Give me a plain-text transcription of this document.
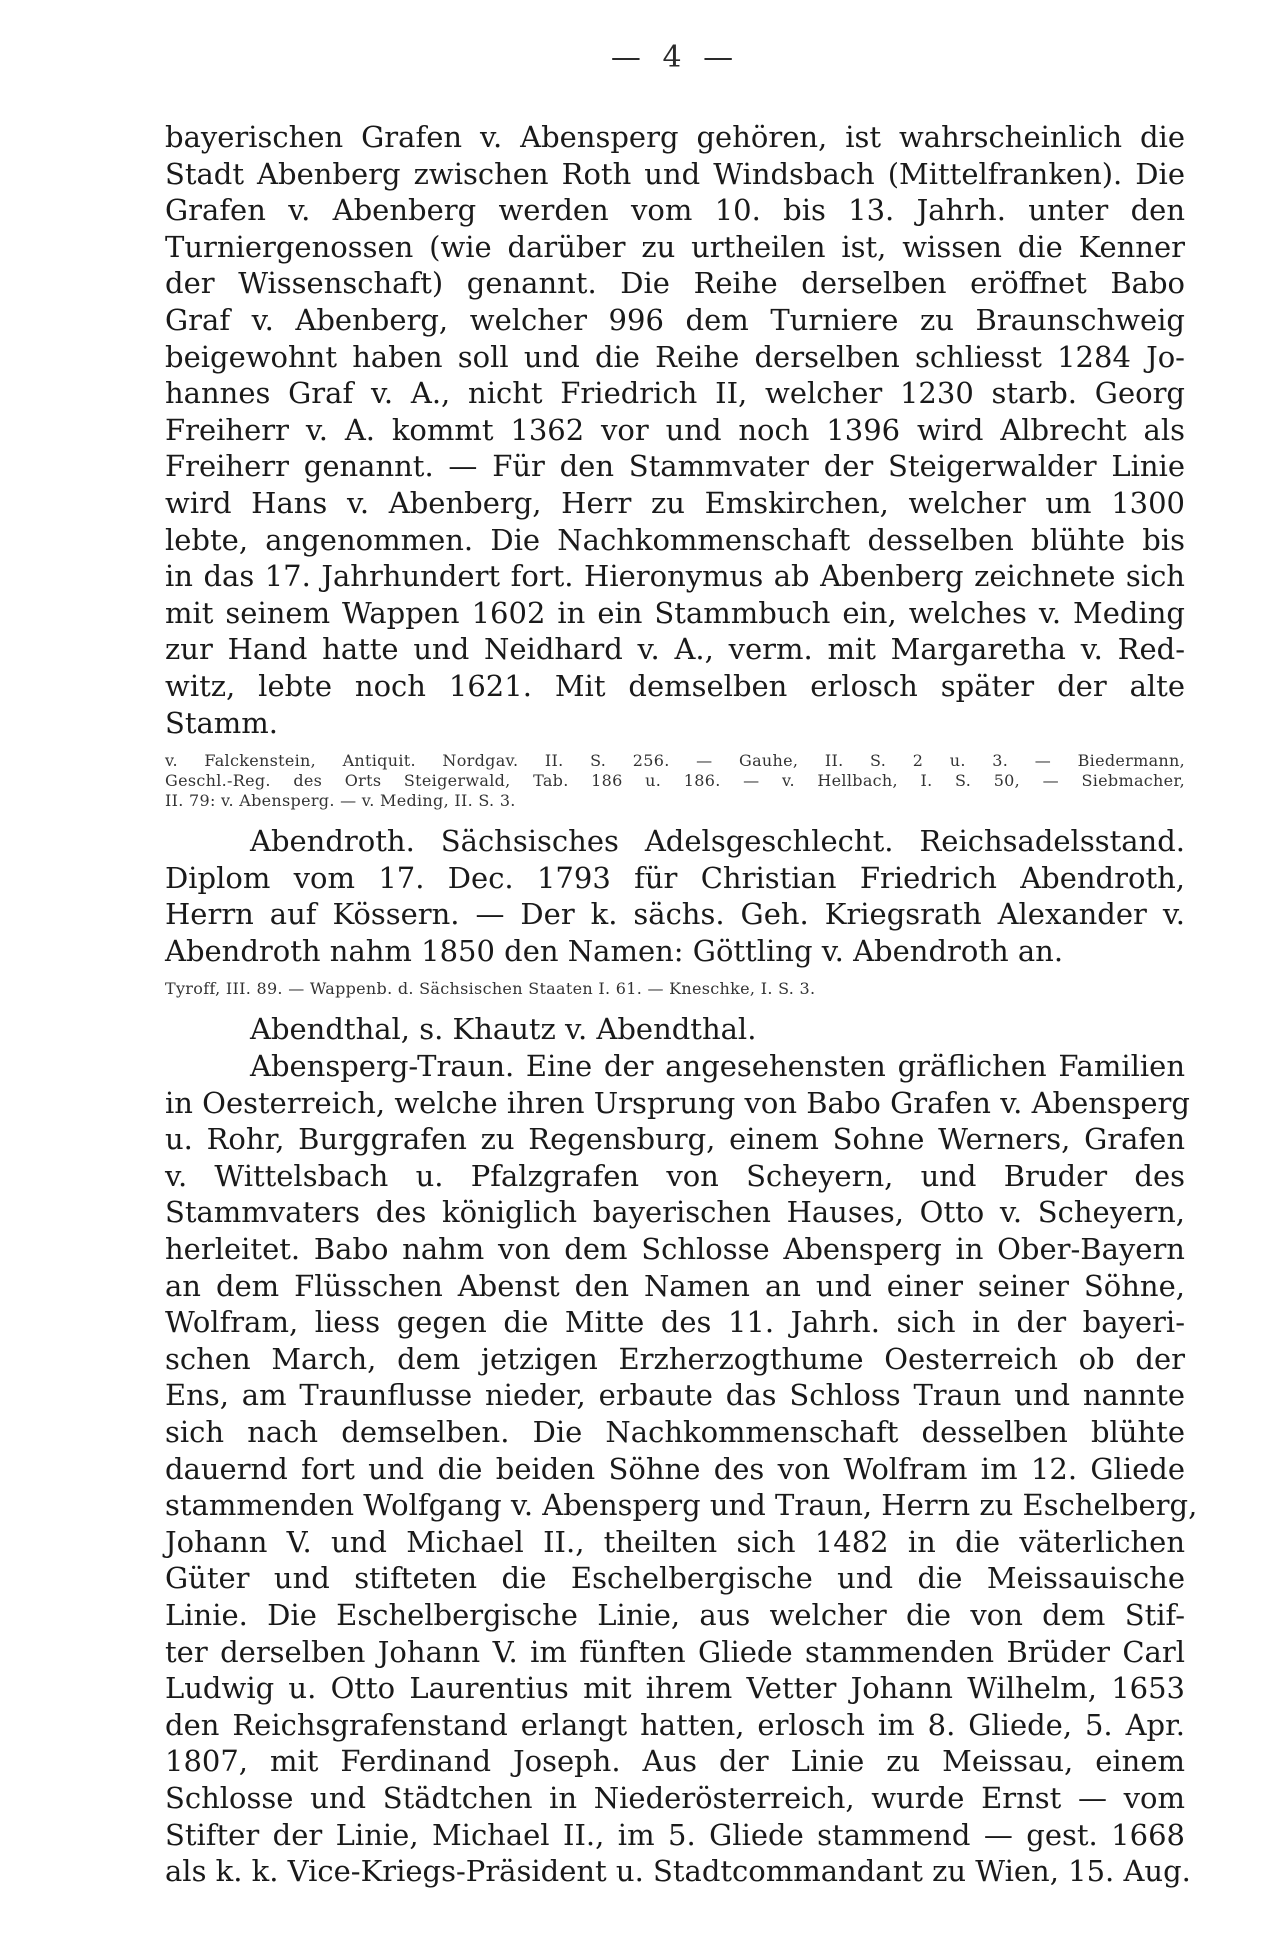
— 4 —
bayerischen Grafen v. Abensperg gehören, ist wahrscheinlich die
Stadt Abenberg zwischen Roth und Windsbach (Mittelfranken). Die
Grafen v. Abenberg werden vom 10. bis 13. Jahrh. unter den
Turniergenossen (wie darüber zu urtheilen ist, wissen die Kenner
der Wissenschaft) genannt. Die Reihe derselben eröffnet Babo
Graf v. Abenberg, welcher 996 dem Turniere zu Braunschweig
beigewohnt haben soll und die Reihe derselben schliesst 1284 Jo-
hannes Graf v. A., nicht Friedrich II, welcher 1230 starb. Georg
Freiherr v. A. kommt 1362 vor und noch 1396 wird Albrecht als
Freiherr genannt. — Für den Stammvater der Steigerwalder Linie
wird Hans v. Abenberg, Herr zu Emskirchen, welcher um 1300
lebte, angenommen. Die Nachkommenschaft desselben blühte bis
in das 17. Jahrhundert fort. Hieronymus ab Abenberg zeichnete sich
mit seinem Wappen 1602 in ein Stammbuch ein, welches v. Meding
zur Hand hatte und Neidhard v. A., verm. mit Margaretha v. Red-
witz, lebte noch 1621. Mit demselben erlosch später der alte
Stamm.
v. Falckenstein, Antiquit. Nordgav. II. S. 256. — Gauhe, II. S. 2 u. 3. — Biedermann,
Geschl.-Reg. des Orts Steigerwald, Tab. 186 u. 186. — v. Hellbach, I. S. 50, — Siebmacher,
II. 79: v. Abensperg. — v. Meding, II. S. 3.
Abendroth. Sächsisches Adelsgeschlecht. Reichsadelsstand.
Diplom vom 17. Dec. 1793 für Christian Friedrich Abendroth,
Herrn auf Kössern. — Der k. sächs. Geh. Kriegsrath Alexander v.
Abendroth nahm 1850 den Namen: Göttling v. Abendroth an.
Tyroff, III. 89. — Wappenb. d. Sächsischen Staaten I. 61. — Kneschke, I. S. 3.
Abendthal, s. Khautz v. Abendthal.
Abensperg-Traun. Eine der angesehensten gräflichen Familien
in Oesterreich, welche ihren Ursprung von Babo Grafen v. Abensperg
u. Rohr, Burggrafen zu Regensburg, einem Sohne Werners, Grafen
v. Wittelsbach u. Pfalzgrafen von Scheyern, und Bruder des
Stammvaters des königlich bayerischen Hauses, Otto v. Scheyern,
herleitet. Babo nahm von dem Schlosse Abensperg in Ober-Bayern
an dem Flüsschen Abenst den Namen an und einer seiner Söhne,
Wolfram, liess gegen die Mitte des 11. Jahrh. sich in der bayeri-
schen March, dem jetzigen Erzherzogthume Oesterreich ob der
Ens, am Traunflusse nieder, erbaute das Schloss Traun und nannte
sich nach demselben. Die Nachkommenschaft desselben blühte
dauernd fort und die beiden Söhne des von Wolfram im 12. Gliede
stammenden Wolfgang v. Abensperg und Traun, Herrn zu Eschelberg,
Johann V. und Michael II., theilten sich 1482 in die väterlichen
Güter und stifteten die Eschelbergische und die Meissauische
Linie. Die Eschelbergische Linie, aus welcher die von dem Stif-
ter derselben Johann V. im fünften Gliede stammenden Brüder Carl
Ludwig u. Otto Laurentius mit ihrem Vetter Johann Wilhelm, 1653
den Reichsgrafenstand erlangt hatten, erlosch im 8. Gliede, 5. Apr.
1807, mit Ferdinand Joseph. Aus der Linie zu Meissau, einem
Schlosse und Städtchen in Niederösterreich, wurde Ernst — vom
Stifter der Linie, Michael II., im 5. Gliede stammend — gest. 1668
als k. k. Vice-Kriegs-Präsident u. Stadtcommandant zu Wien, 15. Aug.
